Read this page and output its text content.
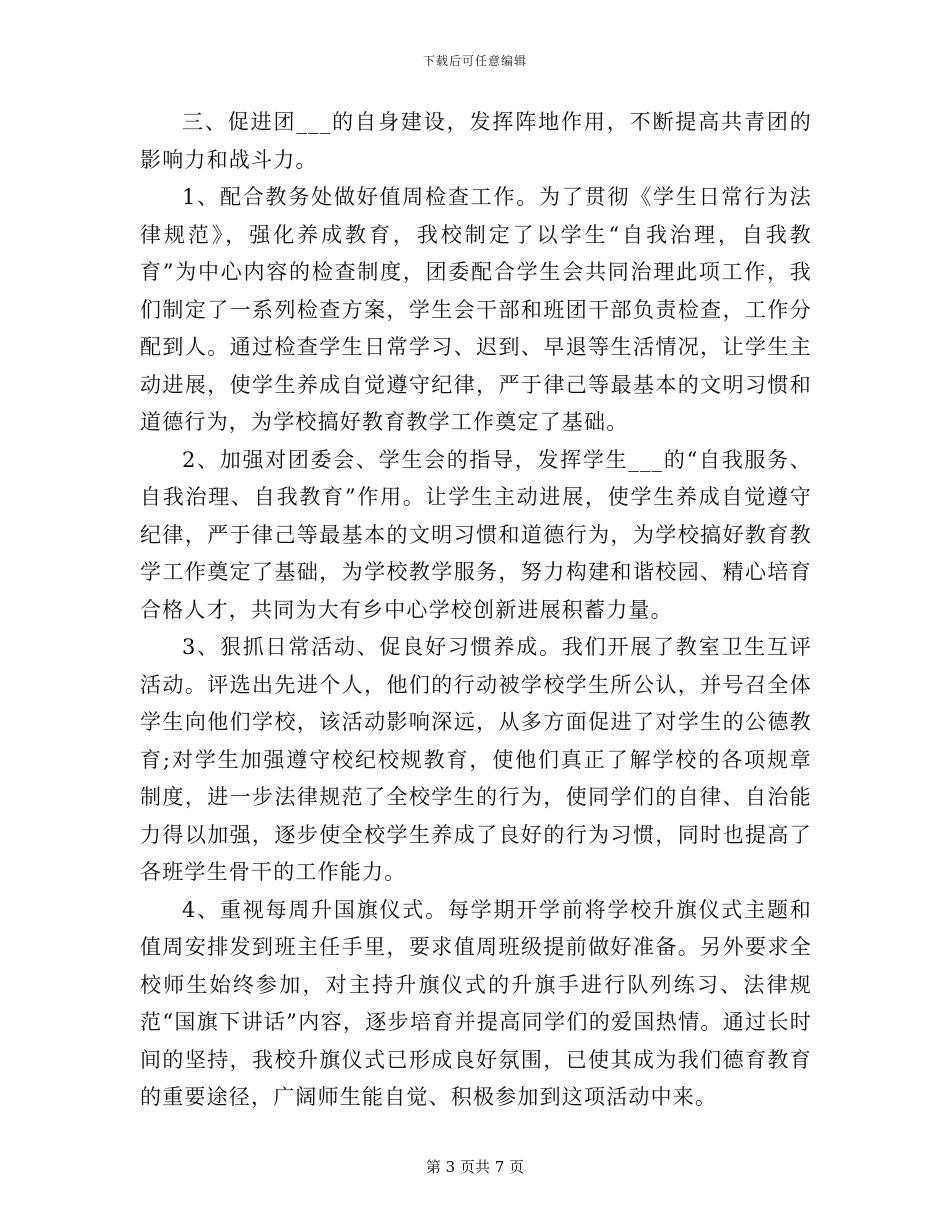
下载后可任意编辑

三、促进团___的自身建设，发挥阵地作用，不断提高共青团的影响力和战斗力。

1、配合教务处做好值周检查工作。为了贯彻《学生日常行为法律规范》，强化养成教育，我校制定了以学生“自我治理，自我教育”为中心内容的检查制度，团委配合学生会共同治理此项工作，我们制定了一系列检查方案，学生会干部和班团干部负责检查，工作分配到人。通过检查学生日常学习、迟到、早退等生活情况，让学生主动进展，使学生养成自觉遵守纪律，严于律己等最基本的文明习惯和道德行为，为学校搞好教育教学工作奠定了基础。

2、加强对团委会、学生会的指导，发挥学生___的“自我服务、自我治理、自我教育”作用。让学生主动进展，使学生养成自觉遵守纪律，严于律己等最基本的文明习惯和道德行为，为学校搞好教育教学工作奠定了基础，为学校教学服务，努力构建和谐校园、精心培育合格人才，共同为大有乡中心学校创新进展积蓄力量。

3、狠抓日常活动、促良好习惯养成。我们开展了教室卫生互评活动。评选出先进个人，他们的行动被学校学生所公认，并号召全体学生向他们学校，该活动影响深远，从多方面促进了对学生的公德教育;对学生加强遵守校纪校规教育，使他们真正了解学校的各项规章制度，进一步法律规范了全校学生的行为，使同学们的自律、自治能力得以加强，逐步使全校学生养成了良好的行为习惯，同时也提高了各班学生骨干的工作能力。

4、重视每周升国旗仪式。每学期开学前将学校升旗仪式主题和值周安排发到班主任手里，要求值周班级提前做好准备。另外要求全校师生始终参加，对主持升旗仪式的升旗手进行队列练习、法律规范“国旗下讲话”内容，逐步培育并提高同学们的爱国热情。通过长时间的坚持，我校升旗仪式已形成良好氛围，已使其成为我们德育教育的重要途径，广阔师生能自觉、积极参加到这项活动中来。

第 3 页共 7 页
